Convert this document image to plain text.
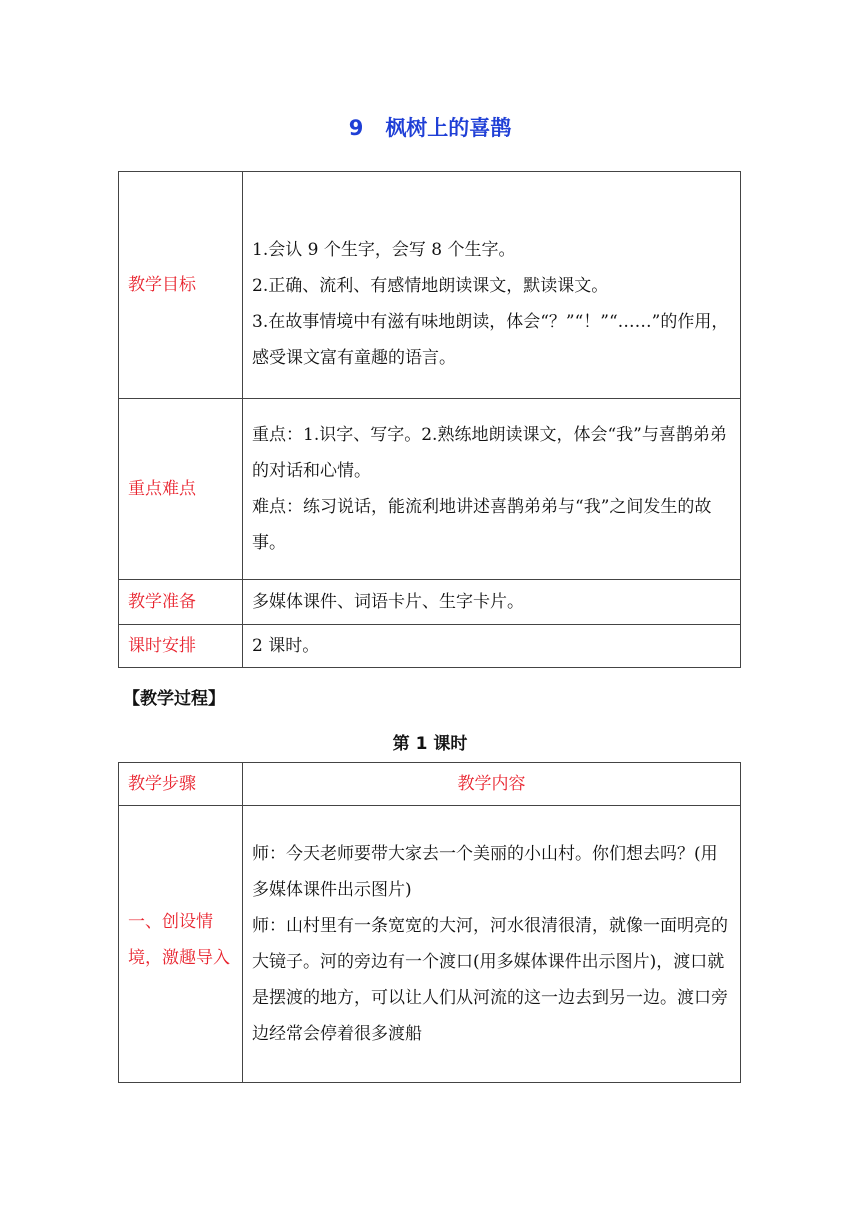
9 枫树上的喜鹊
教学目标	1.会认 9 个生字，会写 8 个生字。
2.正确、流利、有感情地朗读课文，默读课文。
3.在故事情境中有滋有味地朗读，体会“？”“！”“……”的作用，感受课文富有童趣的语言。

重点难点	重点：1.识字、写字。2.熟练地朗读课文，体会“我”与喜鹊弟弟的对话和心情。
难点：练习说话，能流利地讲述喜鹊弟弟与“我”之间发生的故事。

教学准备	多媒体课件、词语卡片、生字卡片。
课时安排	2 课时。
【教学过程】
第 1 课时
教学步骤	教学内容
一、创设情境，激趣导入	师：今天老师要带大家去一个美丽的小山村。你们想去吗？(用多媒体课件出示图片)
师：山村里有一条宽宽的大河，河水很清很清，就像一面明亮的大镜子。河的旁边有一个渡口(用多媒体课件出示图片)，渡口就是摆渡的地方，可以让人们从河流的这一边去到另一边。渡口旁边经常会停着很多渡船
